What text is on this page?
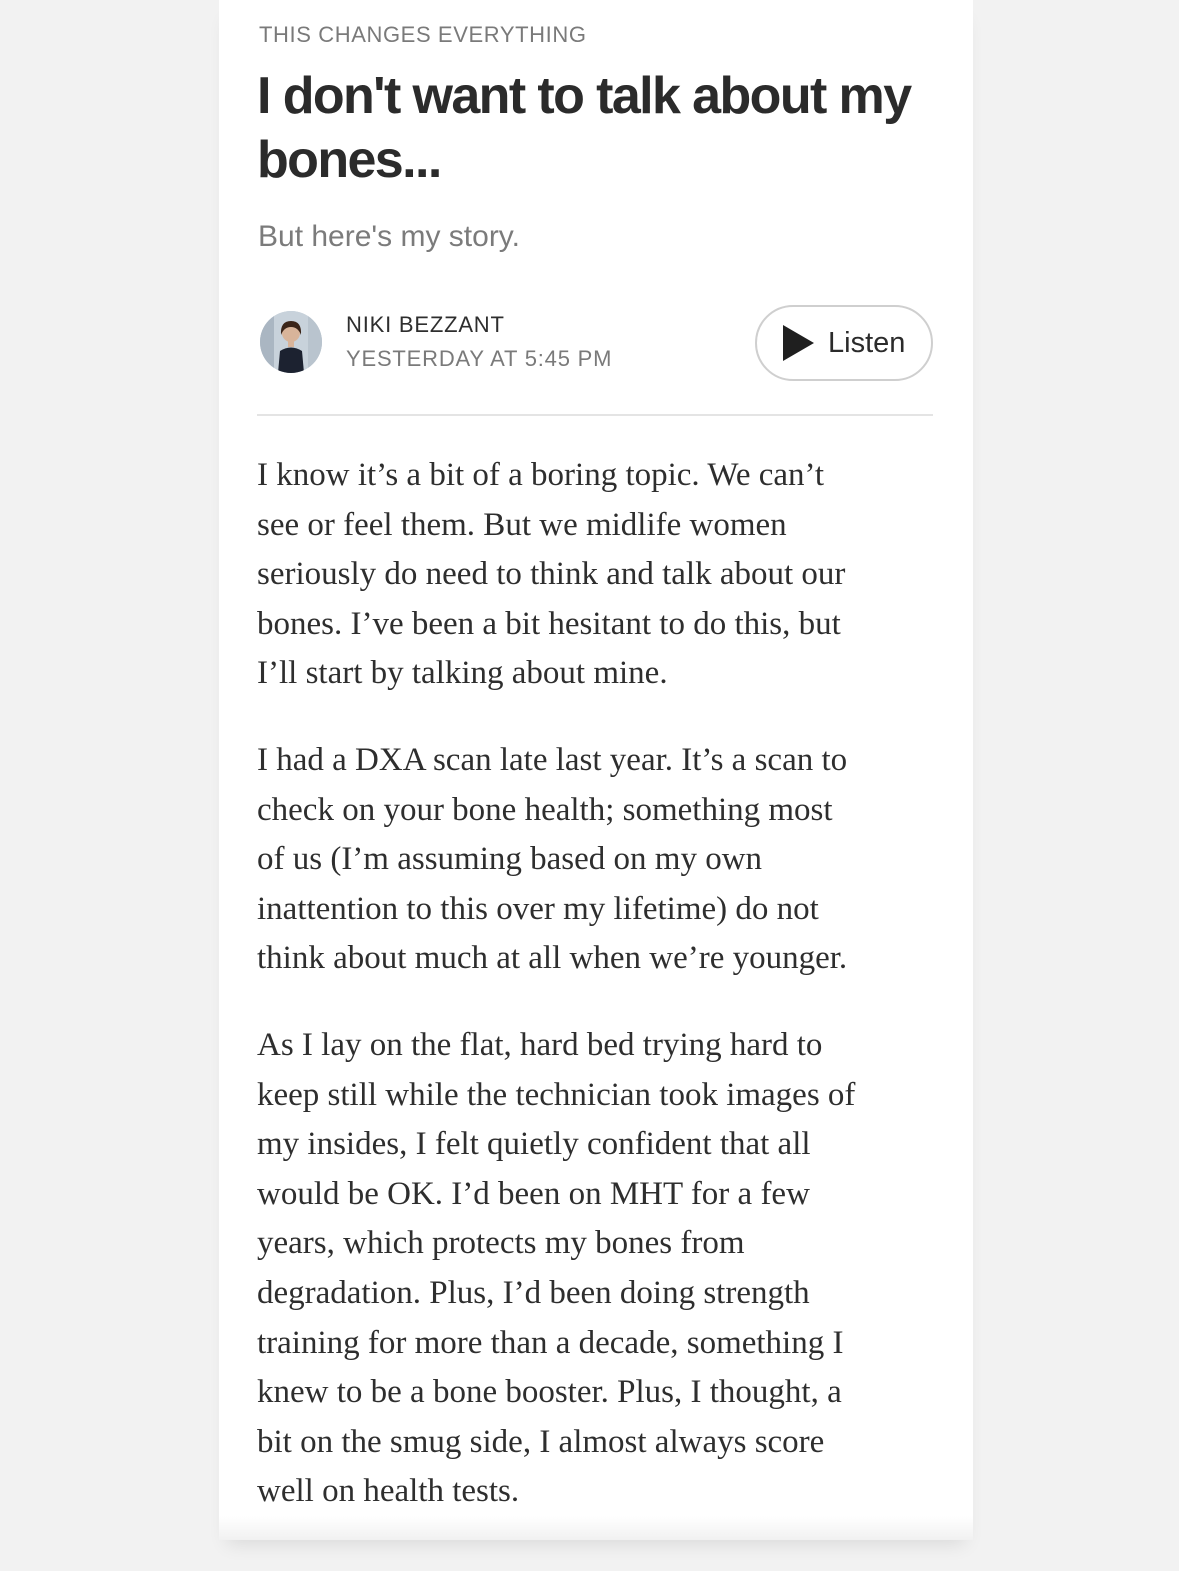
THIS CHANGES EVERYTHING
I don't want to talk about my bones...
But here's my story.
NIKI BEZZANT
YESTERDAY AT 5:45 PM	Listen

I know it’s a bit of a boring topic. We can’t
see or feel them. But we midlife women
seriously do need to think and talk about our
bones. I’ve been a bit hesitant to do this, but
I’ll start by talking about mine.

I had a DXA scan late last year. It’s a scan to
check on your bone health; something most
of us (I’m assuming based on my own
inattention to this over my lifetime) do not
think about much at all when we’re younger.

As I lay on the flat, hard bed trying hard to
keep still while the technician took images of
my insides, I felt quietly confident that all
would be OK. I’d been on MHT for a few
years, which protects my bones from
degradation. Plus, I’d been doing strength
training for more than a decade, something I
knew to be a bone booster. Plus, I thought, a
bit on the smug side, I almost always score
well on health tests.
